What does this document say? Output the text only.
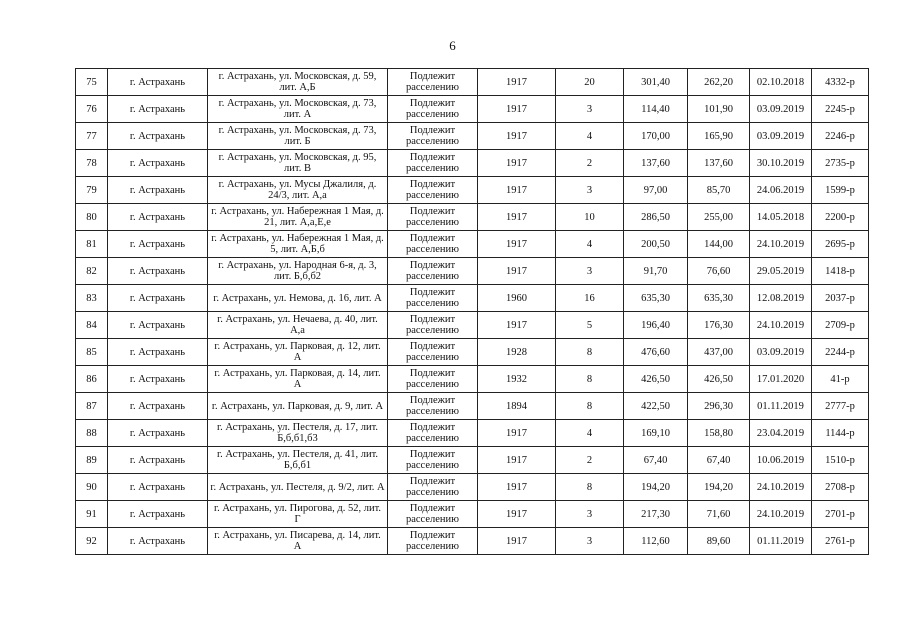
6
75	г. Астрахань	г. Астрахань, ул. Московская, д. 59, лит. А,Б	Подлежит расселению	1917	20	301,40	262,20	02.10.2018	4332-р
76	г. Астрахань	г. Астрахань, ул. Московская, д. 73, лит. А	Подлежит расселению	1917	3	114,40	101,90	03.09.2019	2245-р
77	г. Астрахань	г. Астрахань, ул. Московская, д. 73, лит. Б	Подлежит расселению	1917	4	170,00	165,90	03.09.2019	2246-р
78	г. Астрахань	г. Астрахань, ул. Московская, д. 95, лит. В	Подлежит расселению	1917	2	137,60	137,60	30.10.2019	2735-р
79	г. Астрахань	г. Астрахань, ул. Мусы Джалиля, д. 24/3, лит. А,а	Подлежит расселению	1917	3	97,00	85,70	24.06.2019	1599-р
80	г. Астрахань	г. Астрахань, ул. Набережная 1 Мая, д. 21, лит. А,а,Е,е	Подлежит расселению	1917	10	286,50	255,00	14.05.2018	2200-р
81	г. Астрахань	г. Астрахань, ул. Набережная 1 Мая, д. 5, лит. А,Б,б	Подлежит расселению	1917	4	200,50	144,00	24.10.2019	2695-р
82	г. Астрахань	г. Астрахань, ул. Народная 6-я, д. 3, лит. Б,б,б2	Подлежит расселению	1917	3	91,70	76,60	29.05.2019	1418-р
83	г. Астрахань	г. Астрахань, ул. Немова, д. 16, лит. А	Подлежит расселению	1960	16	635,30	635,30	12.08.2019	2037-р
84	г. Астрахань	г. Астрахань, ул. Нечаева, д. 40, лит. А,а	Подлежит расселению	1917	5	196,40	176,30	24.10.2019	2709-р
85	г. Астрахань	г. Астрахань, ул. Парковая, д. 12, лит. А	Подлежит расселению	1928	8	476,60	437,00	03.09.2019	2244-р
86	г. Астрахань	г. Астрахань, ул. Парковая, д. 14, лит. А	Подлежит расселению	1932	8	426,50	426,50	17.01.2020	41-р
87	г. Астрахань	г. Астрахань, ул. Парковая, д. 9, лит. А	Подлежит расселению	1894	8	422,50	296,30	01.11.2019	2777-р
88	г. Астрахань	г. Астрахань, ул. Пестеля, д. 17, лит. Б,б,б1,б3	Подлежит расселению	1917	4	169,10	158,80	23.04.2019	1144-р
89	г. Астрахань	г. Астрахань, ул. Пестеля, д. 41, лит. Б,б,б1	Подлежит расселению	1917	2	67,40	67,40	10.06.2019	1510-р
90	г. Астрахань	г. Астрахань, ул. Пестеля, д. 9/2, лит. А	Подлежит расселению	1917	8	194,20	194,20	24.10.2019	2708-р
91	г. Астрахань	г. Астрахань, ул. Пирогова, д. 52, лит. Г	Подлежит расселению	1917	3	217,30	71,60	24.10.2019	2701-р
92	г. Астрахань	г. Астрахань, ул. Писарева, д. 14, лит. А	Подлежит расселению	1917	3	112,60	89,60	01.11.2019	2761-р
